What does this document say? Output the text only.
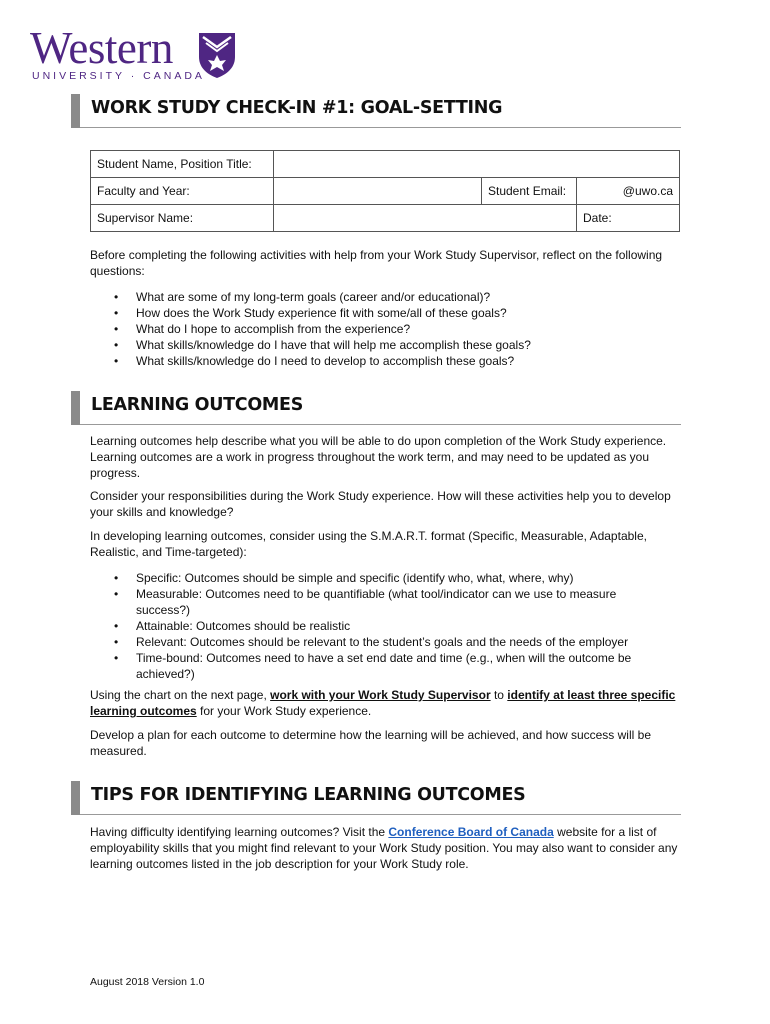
Western
UNIVERSITY · CANADA
WORK STUDY CHECK-IN #1: GOAL-SETTING
Student Name, Position Title:			
Faculty and Year:		Student Email:	@uwo.ca
Supervisor Name:			Date:
Before completing the following activities with help from your Work Study Supervisor, reflect on the following questions:
• What are some of my long-term goals (career and/or educational)?
• How does the Work Study experience fit with some/all of these goals?
• What do I hope to accomplish from the experience?
• What skills/knowledge do I have that will help me accomplish these goals?
• What skills/knowledge do I need to develop to accomplish these goals?
LEARNING OUTCOMES
Learning outcomes help describe what you will be able to do upon completion of the Work Study experience. Learning outcomes are a work in progress throughout the work term, and may need to be updated as you progress.
Consider your responsibilities during the Work Study experience. How will these activities help you to develop your skills and knowledge?
In developing learning outcomes, consider using the S.M.A.R.T. format (Specific, Measurable, Adaptable, Realistic, and Time-targeted):
• Specific: Outcomes should be simple and specific (identify who, what, where, why)
• Measurable: Outcomes need to be quantifiable (what tool/indicator can we use to measure success?)
• Attainable: Outcomes should be realistic
• Relevant: Outcomes should be relevant to the student’s goals and the needs of the employer
• Time-bound: Outcomes need to have a set end date and time (e.g., when will the outcome be achieved?)
Using the chart on the next page, work with your Work Study Supervisor to identify at least three specific learning outcomes for your Work Study experience.
Develop a plan for each outcome to determine how the learning will be achieved, and how success will be measured.
TIPS FOR IDENTIFYING LEARNING OUTCOMES
Having difficulty identifying learning outcomes? Visit the Conference Board of Canada website for a list of employability skills that you might find relevant to your Work Study position. You may also want to consider any learning outcomes listed in the job description for your Work Study role.
August 2018 Version 1.0
